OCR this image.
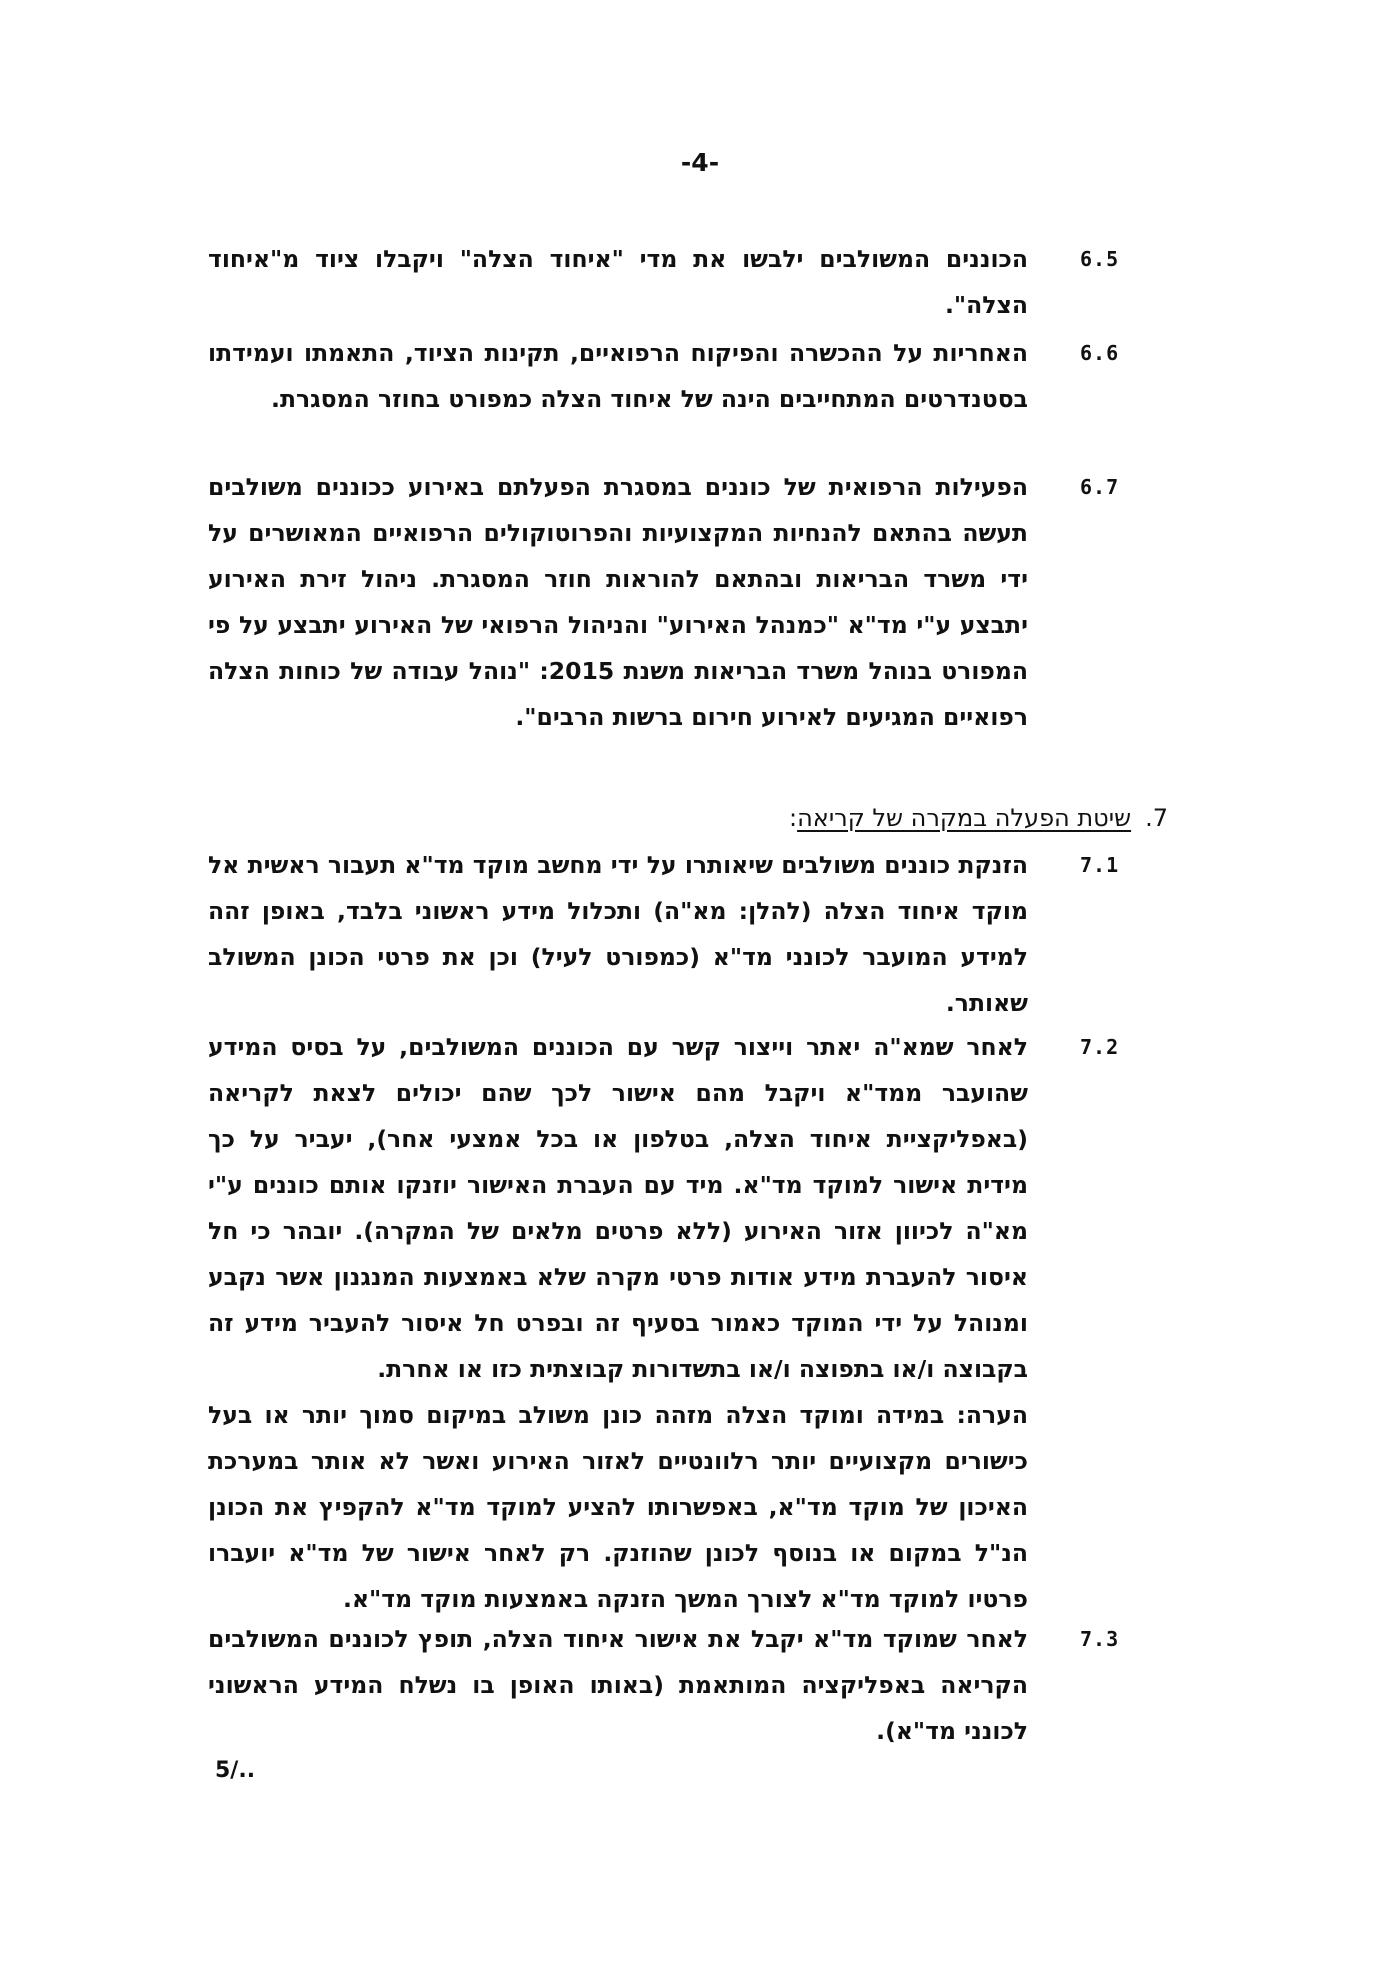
-4-
6.5
הכוננים המשולבים ילבשו את מדי "איחוד הצלה" ויקבלו ציוד מ"איחוד הצלה".
6.6
האחריות על ההכשרה והפיקוח הרפואיים, תקינות הציוד, התאמתו ועמידתו בסטנדרטים המתחייבים הינה של איחוד הצלה כמפורט בחוזר המסגרת.
6.7
הפעילות הרפואית של כוננים במסגרת הפעלתם באירוע ככוננים משולבים תעשה בהתאם להנחיות המקצועיות והפרוטוקולים הרפואיים המאושרים על ידי משרד הבריאות ובהתאם להוראות חוזר המסגרת. ניהול זירת האירוע יתבצע ע"י מד"א "כמנהל האירוע" והניהול הרפואי של האירוע יתבצע על פי המפורט בנוהל משרד הבריאות משנת 2015: "נוהל עבודה של כוחות הצלה רפואיים המגיעים לאירוע חירום ברשות הרבים".
7.שיטת הפעלה במקרה של קריאה:
7.1
הזנקת כוננים משולבים שיאותרו על ידי מחשב מוקד מד"א תעבור ראשית אל מוקד איחוד הצלה (להלן: מא"ה) ותכלול מידע ראשוני בלבד, באופן זהה למידע המועבר לכונני מד"א (כמפורט לעיל) וכן את פרטי הכונן המשולב שאותר.
7.2
לאחר שמא"ה יאתר וייצור קשר עם הכוננים המשולבים, על בסיס המידע שהועבר ממד"א ויקבל מהם אישור לכך שהם יכולים לצאת לקריאה (באפליקציית איחוד הצלה, בטלפון או בכל אמצעי אחר), יעביר על כך מידית אישור למוקד מד"א. מיד עם העברת האישור יוזנקו אותם כוננים ע"י מא"ה לכיוון אזור האירוע (ללא פרטים מלאים של המקרה). יובהר כי חל איסור להעברת מידע אודות פרטי מקרה שלא באמצעות המנגנון אשר נקבע ומנוהל על ידי המוקד כאמור בסעיף זה ובפרט חל איסור להעביר מידע זה בקבוצה ו/או בתפוצה ו/או בתשדורות קבוצתית כזו או אחרת.
הערה: במידה ומוקד הצלה מזהה כונן משולב במיקום סמוך יותר או בעל כישורים מקצועיים יותר רלוונטיים לאזור האירוע ואשר לא אותר במערכת האיכון של מוקד מד"א, באפשרותו להציע למוקד מד"א להקפיץ את הכונן הנ"ל במקום או בנוסף לכונן שהוזנק. רק לאחר אישור של מד"א יועברו פרטיו למוקד מד"א לצורך המשך הזנקה באמצעות מוקד מד"א.
7.3
לאחר שמוקד מד"א יקבל את אישור איחוד הצלה, תופץ לכוננים המשולבים הקריאה באפליקציה המותאמת (באותו האופן בו נשלח המידע הראשוני לכונני מד"א).
5/..
